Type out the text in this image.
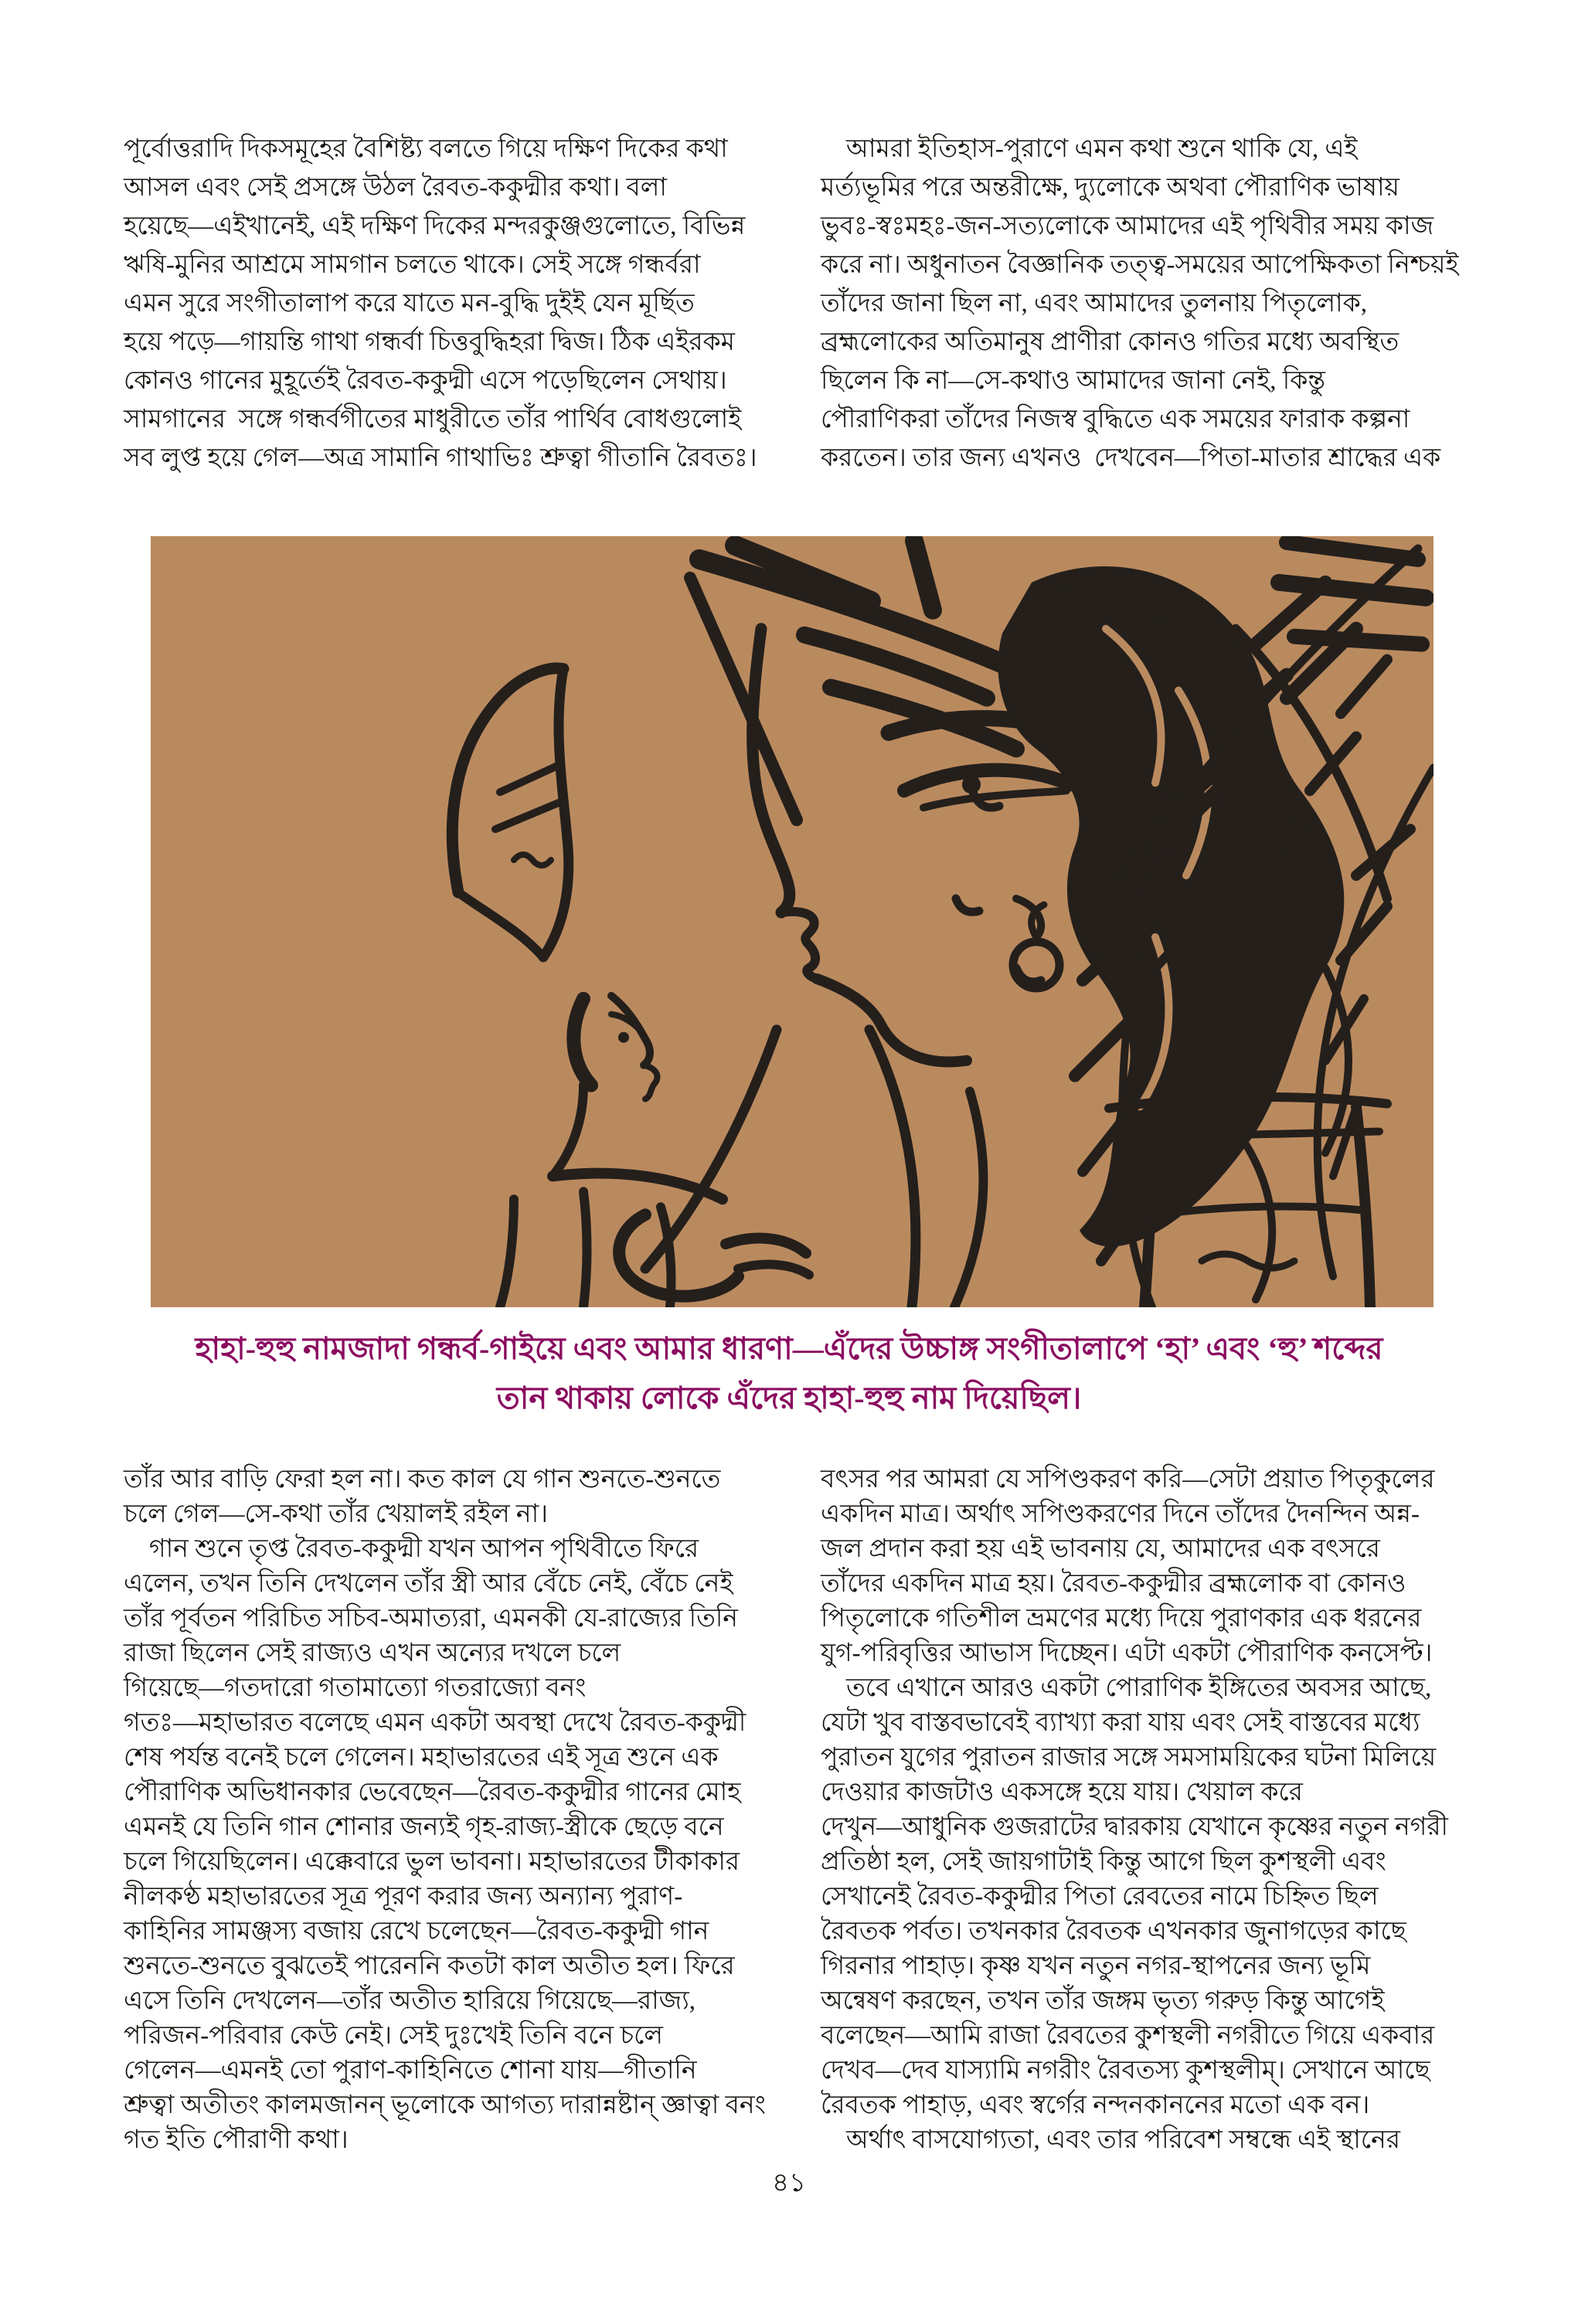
পূর্বোত্তরাদি দিকসমূহের বৈশিষ্ট্য বলতে গিয়ে দক্ষিণ দিকের কথা
আসল এবং সেই প্রসঙ্গে উঠল রৈবত-ককুদ্মীর কথা। বলা
হয়েছে—এইখানেই, এই দক্ষিণ দিকের মন্দরকুঞ্জগুলোতে, বিভিন্ন
ঋষি-মুনির আশ্রমে সামগান চলতে থাকে। সেই সঙ্গে গন্ধর্বরা
এমন সুরে সংগীতালাপ করে যাতে মন-বুদ্ধি দুইই যেন মূর্ছিত
হয়ে পড়ে—গায়ন্তি গাথা গন্ধর্বা চিত্তবুদ্ধিহরা দ্বিজ। ঠিক এইরকম
কোনও গানের মুহূর্তেই রৈবত-ককুদ্মী এসে পড়েছিলেন সেথায়।
সামগানের  সঙ্গে গন্ধর্বগীতের মাধুরীতে তাঁর পার্থিব বোধগুলোই
সব লুপ্ত হয়ে গেল—অত্র সামানি গাথাভিঃ শ্রুত্বা গীতানি রৈবতঃ।
আমরা ইতিহাস-পুরাণে এমন কথা শুনে থাকি যে, এই
মর্ত্যভূমির পরে অন্তরীক্ষে, দ্যুলোকে অথবা পৌরাণিক ভাষায়
ভুবঃ-স্বঃমহঃ-জন-সত্যলোকে আমাদের এই পৃথিবীর সময় কাজ
করে না। অধুনাতন বৈজ্ঞানিক তত্ত্ব-সময়ের আপেক্ষিকতা নিশ্চয়ই
তাঁদের জানা ছিল না, এবং আমাদের তুলনায় পিতৃলোক,
ব্রহ্মলোকের অতিমানুষ প্রাণীরা কোনও গতির মধ্যে অবস্থিত
ছিলেন কি না—সে-কথাও আমাদের জানা নেই, কিন্তু
পৌরাণিকরা তাঁদের নিজস্ব বুদ্ধিতে এক সময়ের ফারাক কল্পনা
করতেন। তার জন্য এখনও  দেখবেন—পিতা-মাতার শ্রাদ্ধের এক
হাহা-হুহু নামজাদা গন্ধর্ব-গাইয়ে এবং আমার ধারণা—এঁদের উচ্চাঙ্গ সংগীতালাপে ‘হা’ এবং ‘হু’ শব্দের
তান থাকায় লোকে এঁদের হাহা-হুহু নাম দিয়েছিল।
তাঁর আর বাড়ি ফেরা হল না। কত কাল যে গান শুনতে-শুনতে
চলে গেল—সে-কথা তাঁর খেয়ালই রইল না।
গান শুনে তৃপ্ত রৈবত-ককুদ্মী যখন আপন পৃথিবীতে ফিরে
এলেন, তখন তিনি দেখলেন তাঁর স্ত্রী আর বেঁচে নেই, বেঁচে নেই
তাঁর পূর্বতন পরিচিত সচিব-অমাত্যরা, এমনকী যে-রাজ্যের তিনি
রাজা ছিলেন সেই রাজ্যও এখন অন্যের দখলে চলে
গিয়েছে—গতদারো গতামাত্যো গতরাজ্যো বনং
গতঃ—মহাভারত বলেছে এমন একটা অবস্থা দেখে রৈবত-ককুদ্মী
শেষ পর্যন্ত বনেই চলে গেলেন। মহাভারতের এই সূত্র শুনে এক
পৌরাণিক অভিধানকার ভেবেছেন—রৈবত-ককুদ্মীর গানের মোহ
এমনই যে তিনি গান শোনার জন্যই গৃহ-রাজ্য-স্ত্রীকে ছেড়ে বনে
চলে গিয়েছিলেন। এক্কেবারে ভুল ভাবনা। মহাভারতের টীকাকার
নীলকণ্ঠ মহাভারতের সূত্র পূরণ করার জন্য অন্যান্য পুরাণ-
কাহিনির সামঞ্জস্য বজায় রেখে চলেছেন—রৈবত-ককুদ্মী গান
শুনতে-শুনতে বুঝতেই পারেননি কতটা কাল অতীত হল। ফিরে
এসে তিনি দেখলেন—তাঁর অতীত হারিয়ে গিয়েছে—রাজ্য,
পরিজন-পরিবার কেউ নেই। সেই দুঃখেই তিনি বনে চলে
গেলেন—এমনই তো পুরাণ-কাহিনিতে শোনা যায়—গীতানি
শ্রুত্বা অতীতং কালমজানন্ ভূলোকে আগত্য দারান্নষ্টান্ জ্ঞাত্বা বনং
গত ইতি পৌরাণী কথা।
বৎসর পর আমরা যে সপিণ্ডকরণ করি—সেটা প্রয়াত পিতৃকুলের
একদিন মাত্র। অর্থাৎ সপিণ্ডকরণের দিনে তাঁদের দৈনন্দিন অন্ন-
জল প্রদান করা হয় এই ভাবনায় যে, আমাদের এক বৎসরে
তাঁদের একদিন মাত্র হয়। রৈবত-ককুদ্মীর ব্রহ্মলোক বা কোনও
পিতৃলোকে গতিশীল ভ্রমণের মধ্যে দিয়ে পুরাণকার এক ধরনের
যুগ-পরিবৃত্তির আভাস দিচ্ছেন। এটা একটা পৌরাণিক কনসেপ্ট।
তবে এখানে আরও একটা পোরাণিক ইঙ্গিতের অবসর আছে,
যেটা খুব বাস্তবভাবেই ব্যাখ্যা করা যায় এবং সেই বাস্তবের মধ্যে
পুরাতন যুগের পুরাতন রাজার সঙ্গে সমসাময়িকের ঘটনা মিলিয়ে
দেওয়ার কাজটাও একসঙ্গে হয়ে যায়। খেয়াল করে
দেখুন—আধুনিক গুজরাটের দ্বারকায় যেখানে কৃষ্ণের নতুন নগরী
প্রতিষ্ঠা হল, সেই জায়গাটাই কিন্তু আগে ছিল কুশস্থলী এবং
সেখানেই রৈবত-ককুদ্মীর পিতা রেবতের নামে চিহ্নিত ছিল
রৈবতক পর্বত। তখনকার রৈবতক এখনকার জুনাগড়ের কাছে
গিরনার পাহাড়। কৃষ্ণ যখন নতুন নগর-স্থাপনের জন্য ভূমি
অন্বেষণ করছেন, তখন তাঁর জঙ্গম ভৃত্য গরুড় কিন্তু আগেই
বলেছেন—আমি রাজা রৈবতের কুশস্থলী নগরীতে গিয়ে একবার
দেখব—দেব যাস্যামি নগরীং রৈবতস্য কুশস্থলীম্। সেখানে আছে
রৈবতক পাহাড়, এবং স্বর্গের নন্দনকাননের মতো এক বন।
অর্থাৎ বাসযোগ্যতা, এবং তার পরিবেশ সম্বন্ধে এই স্থানের
৪১
